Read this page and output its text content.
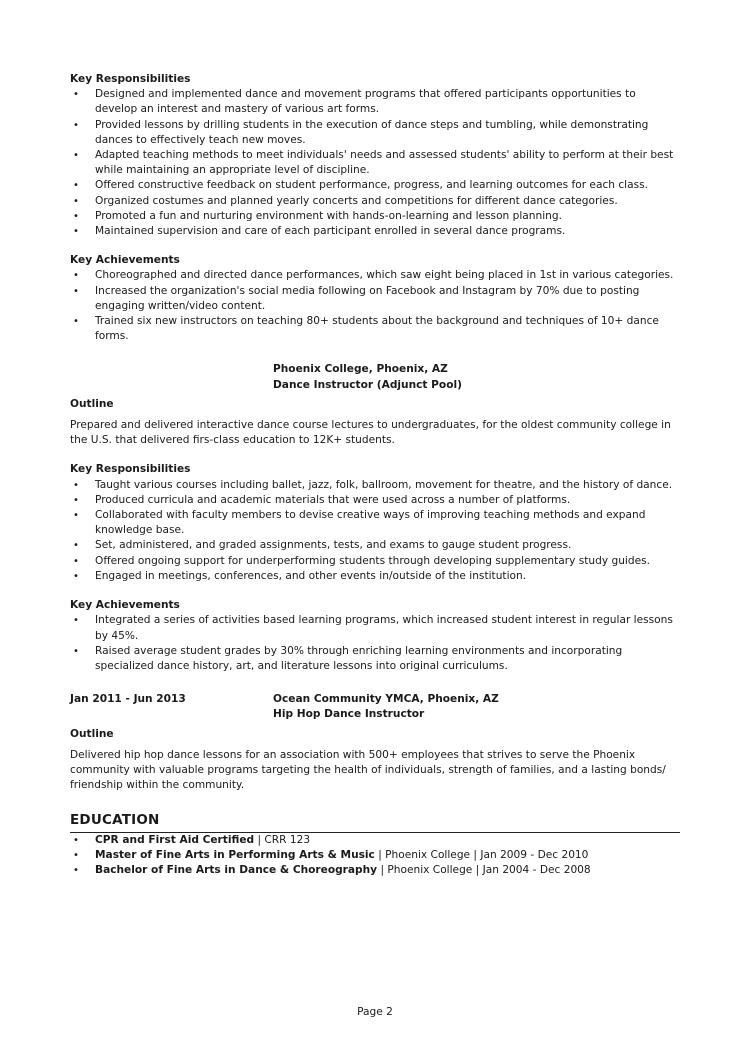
Key Responsibilities
• Designed and implemented dance and movement programs that offered participants opportunities to develop an interest and mastery of various art forms.
• Provided lessons by drilling students in the execution of dance steps and tumbling, while demonstrating dances to effectively teach new moves.
• Adapted teaching methods to meet individuals' needs and assessed students' ability to perform at their best while maintaining an appropriate level of discipline.
• Offered constructive feedback on student performance, progress, and learning outcomes for each class.
• Organized costumes and planned yearly concerts and competitions for different dance categories.
• Promoted a fun and nurturing environment with hands-on-learning and lesson planning.
• Maintained supervision and care of each participant enrolled in several dance programs.
Key Achievements
• Choreographed and directed dance performances, which saw eight being placed in 1st in various categories.
• Increased the organization's social media following on Facebook and Instagram by 70% due to posting engaging written/video content.
• Trained six new instructors on teaching 80+ students about the background and techniques of 10+ dance forms.
Phoenix College, Phoenix, AZ
Dance Instructor (Adjunct Pool)
Outline

Prepared and delivered interactive dance course lectures to undergraduates, for the oldest community college in the U.S. that delivered firs-class education to 12K+ students.

Key Responsibilities
• Taught various courses including ballet, jazz, folk, ballroom, movement for theatre, and the history of dance.
• Produced curricula and academic materials that were used across a number of platforms.
• Collaborated with faculty members to devise creative ways of improving teaching methods and expand knowledge base.
• Set, administered, and graded assignments, tests, and exams to gauge student progress.
• Offered ongoing support for underperforming students through developing supplementary study guides.
• Engaged in meetings, conferences, and other events in/outside of the institution.
Key Achievements
• Integrated a series of activities based learning programs, which increased student interest in regular lessons by 45%.
• Raised average student grades by 30% through enriching learning environments and incorporating specialized dance history, art, and literature lessons into original curriculums.
Jan 2011 - Jun 2013	Ocean Community YMCA, Phoenix, AZ
Hip Hop Dance Instructor
Outline

Delivered hip hop dance lessons for an association with 500+ employees that strives to serve the Phoenix community with valuable programs targeting the health of individuals, strength of families, and a lasting bonds/ friendship within the community.

EDUCATION
• CPR and First Aid Certified | CRR 123
• Master of Fine Arts in Performing Arts & Music | Phoenix College | Jan 2009 - Dec 2010
• Bachelor of Fine Arts in Dance & Choreography | Phoenix College | Jan 2004 - Dec 2008
Page 2
